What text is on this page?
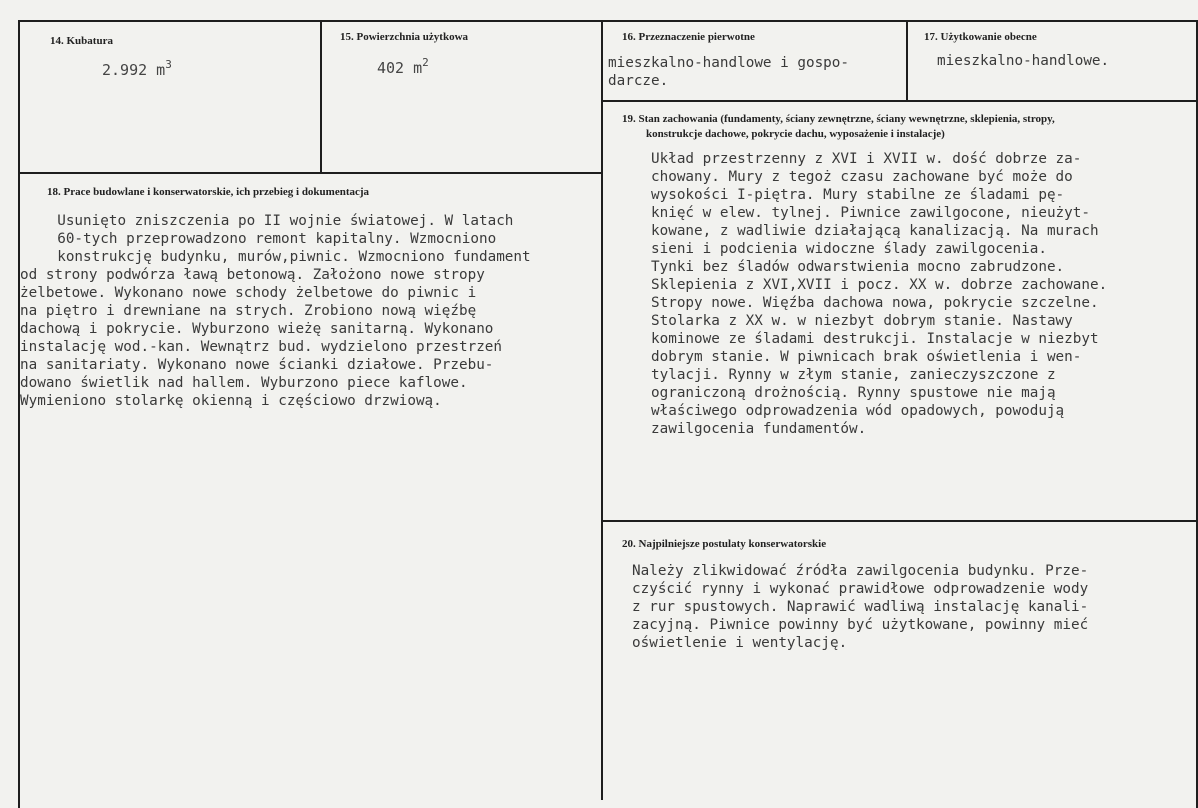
14. Kubatura
2.992 $m^3$
15. Powierzchnia użytkowa
402 $m^2$
16. Przeznaczenie pierwotne
mieszkalno-handlowe i gospo-
darcze.
17. Użytkowanie obecne
mieszkalno-handlowe.
18. Prace budowlane i konserwatorskie, ich przebieg i dokumentacja
Usunięto zniszczenia po II wojnie światowej. W latach
60-tych przeprowadzono remont kapitalny. Wzmocniono
konstrukcję budynku, murów,piwnic. Wzmocniono fundament
od strony podwórza ławą betonową. Założono nowe stropy
żelbetowe. Wykonano nowe schody żelbetowe do piwnic i
na piętro i drewniane na strych. Zrobiono nową więźbę
dachową i pokrycie. Wyburzono wieżę sanitarną. Wykonano
instalację wod.-kan. Wewnątrz bud. wydzielono przestrzeń
na sanitariaty. Wykonano nowe ścianki działowe. Przebu-
dowano świetlik nad hallem. Wyburzono piece kaflowe.
Wymieniono stolarkę okienną i częściowo drzwiową.
19. Stan zachowania (fundamenty, ściany zewnętrzne, ściany wewnętrzne, sklepienia, stropy,
konstrukcje dachowe, pokrycie dachu, wyposażenie i instalacje)
Układ przestrzenny z XVI i XVII w. dość dobrze za-
chowany. Mury z tegoż czasu zachowane być może do
wysokości I-piętra. Mury stabilne ze śladami pę-
knięć w elew. tylnej. Piwnice zawilgocone, nieużyt-
kowane, z wadliwie działającą kanalizacją. Na murach
sieni i podcienia widoczne ślady zawilgocenia.
Tynki bez śladów odwarstwienia mocno zabrudzone.
Sklepienia z XVI,XVII i pocz. XX w. dobrze zachowane.
Stropy nowe. Więźba dachowa nowa, pokrycie szczelne.
Stolarka z XX w. w niezbyt dobrym stanie. Nastawy
kominowe ze śladami destrukcji. Instalacje w niezbyt
dobrym stanie. W piwnicach brak oświetlenia i wen-
tylacji. Rynny w złym stanie, zanieczyszczone z
ograniczoną drożnością. Rynny spustowe nie mają
właściwego odprowadzenia wód opadowych, powodują
zawilgocenia fundamentów.
20. Najpilniejsze postulaty konserwatorskie
Należy zlikwidować źródła zawilgocenia budynku. Prze-
czyścić rynny i wykonać prawidłowe odprowadzenie wody
z rur spustowych. Naprawić wadliwą instalację kanali-
zacyjną. Piwnice powinny być użytkowane, powinny mieć
oświetlenie i wentylację.
